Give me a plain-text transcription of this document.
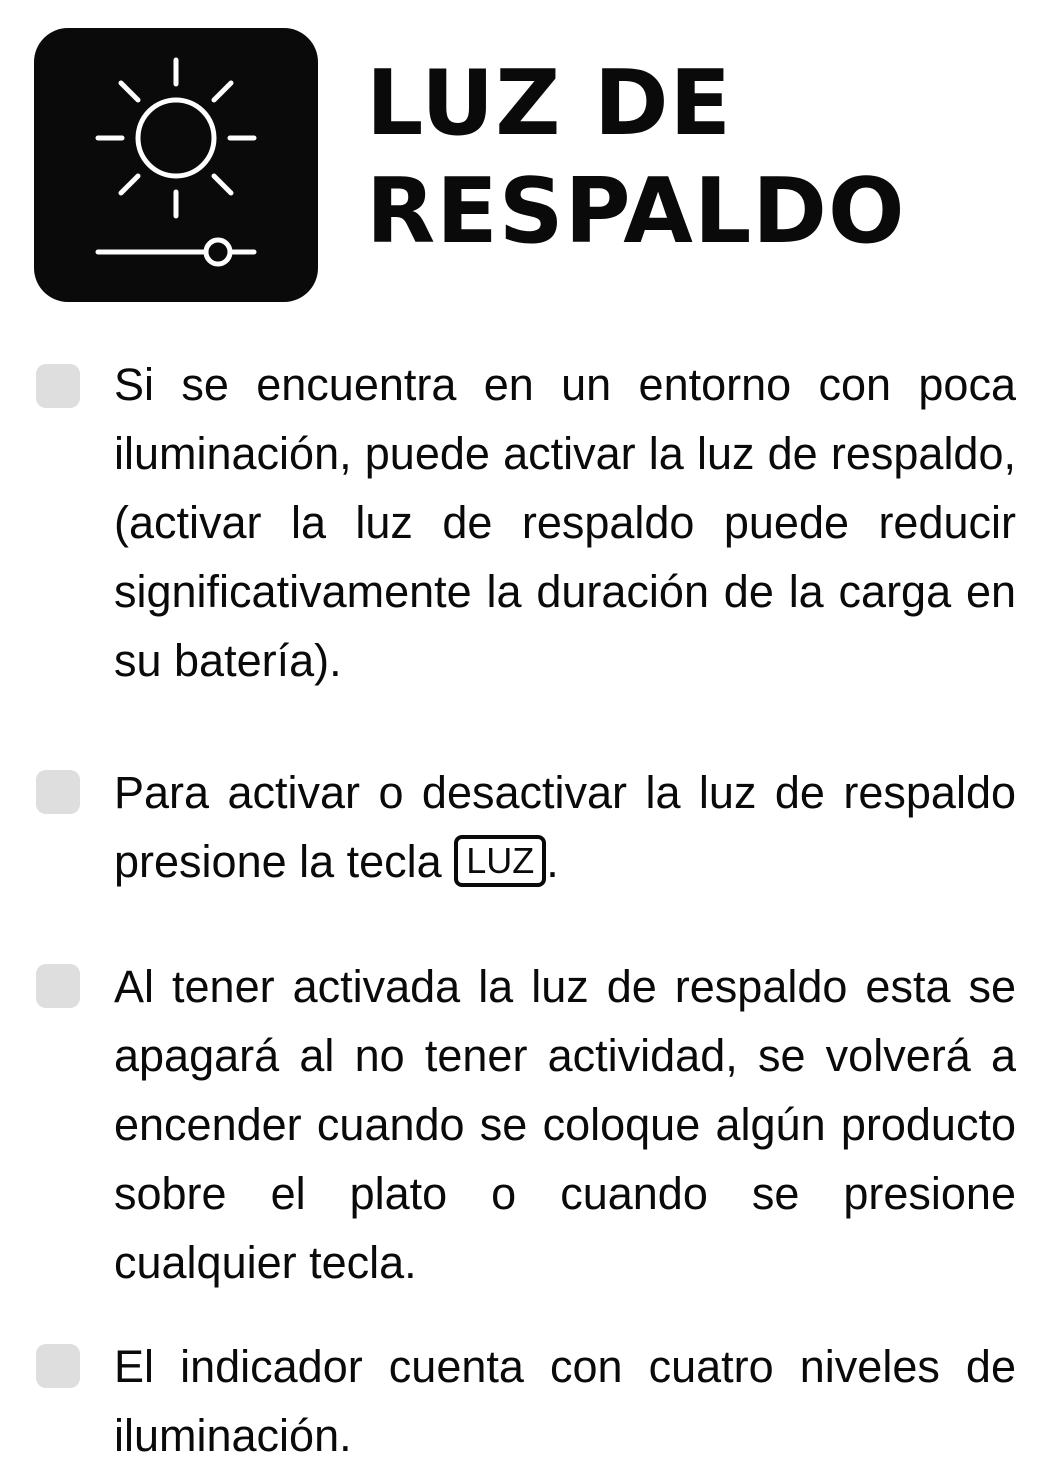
LUZ DE
RESPALDO

Si se encuentra en un entorno con poca iluminación, puede activar la luz de respaldo, (activar la luz de respaldo puede reducir significativamente la duración de la carga en su batería).

Para activar o desactivar la luz de respaldo presione la tecla LUZ .

Al tener activada la luz de respaldo esta se apagará al no tener actividad, se volverá a encender cuando se coloque algún producto sobre el plato o cuando se presione cualquier tecla.

El indicador cuenta con cuatro niveles de iluminación.
